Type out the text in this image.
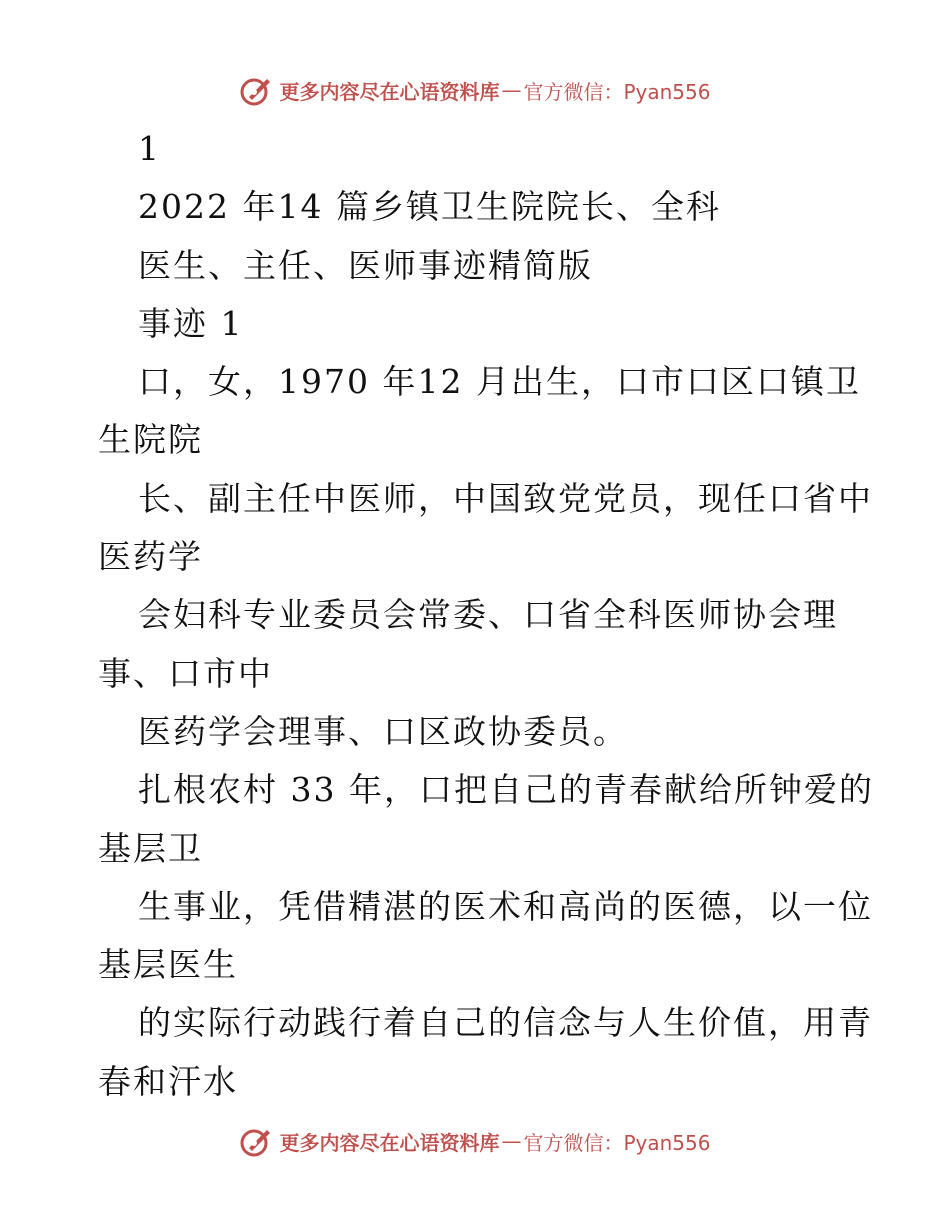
更多内容尽在心语资料库 — 官方微信：Pyan556
1
2022 年14 篇乡镇卫生院院长、全科
医生、主任、医师事迹精简版
事迹 1
口，女，1970 年12 月出生，口市口区口镇卫
生院院
长、副主任中医师，中国致党党员，现任口省中
医药学
会妇科专业委员会常委、口省全科医师协会理
事、口市中
医药学会理事、口区政协委员。
扎根农村 33 年，口把自己的青春献给所钟爱的
基层卫
生事业，凭借精湛的医术和高尚的医德，以一位
基层医生
的实际行动践行着自己的信念与人生价值，用青
春和汗水
更多内容尽在心语资料库 — 官方微信：Pyan556
